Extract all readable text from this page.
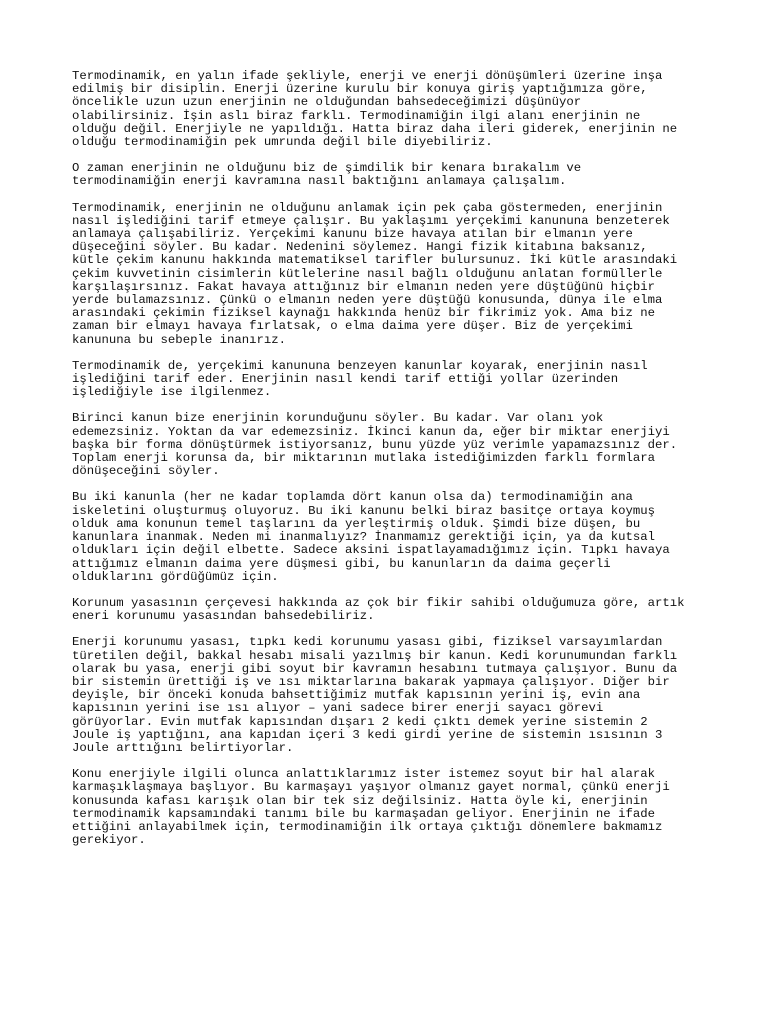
Termodinamik, en yalın ifade şekliyle, enerji ve enerji dönüşümleri üzerine inşa
edilmiş bir disiplin. Enerji üzerine kurulu bir konuya giriş yaptığımıza göre,
öncelikle uzun uzun enerjinin ne olduğundan bahsedeceğimizi düşünüyor
olabilirsiniz. İşin aslı biraz farklı. Termodinamiğin ilgi alanı enerjinin ne
olduğu değil. Enerjiyle ne yapıldığı. Hatta biraz daha ileri giderek, enerjinin ne
olduğu termodinamiğin pek umrunda değil bile diyebiliriz.
O zaman enerjinin ne olduğunu biz de şimdilik bir kenara bırakalım ve
termodinamiğin enerji kavramına nasıl baktığını anlamaya çalışalım.
Termodinamik, enerjinin ne olduğunu anlamak için pek çaba göstermeden, enerjinin
nasıl işlediğini tarif etmeye çalışır. Bu yaklaşımı yerçekimi kanununa benzeterek
anlamaya çalışabiliriz. Yerçekimi kanunu bize havaya atılan bir elmanın yere
düşeceğini söyler. Bu kadar. Nedenini söylemez. Hangi fizik kitabına baksanız,
kütle çekim kanunu hakkında matematiksel tarifler bulursunuz. İki kütle arasındaki
çekim kuvvetinin cisimlerin kütlelerine nasıl bağlı olduğunu anlatan formüllerle
karşılaşırsınız. Fakat havaya attığınız bir elmanın neden yere düştüğünü hiçbir
yerde bulamazsınız. Çünkü o elmanın neden yere düştüğü konusunda, dünya ile elma
arasındaki çekimin fiziksel kaynağı hakkında henüz bir fikrimiz yok. Ama biz ne
zaman bir elmayı havaya fırlatsak, o elma daima yere düşer. Biz de yerçekimi
kanununa bu sebeple inanırız.
Termodinamik de, yerçekimi kanununa benzeyen kanunlar koyarak, enerjinin nasıl
işlediğini tarif eder. Enerjinin nasıl kendi tarif ettiği yollar üzerinden
işlediğiyle ise ilgilenmez.
Birinci kanun bize enerjinin korunduğunu söyler. Bu kadar. Var olanı yok
edemezsiniz. Yoktan da var edemezsiniz. İkinci kanun da, eğer bir miktar enerjiyi
başka bir forma dönüştürmek istiyorsanız, bunu yüzde yüz verimle yapamazsınız der.
Toplam enerji korunsa da, bir miktarının mutlaka istediğimizden farklı formlara
dönüşeceğini söyler.
Bu iki kanunla (her ne kadar toplamda dört kanun olsa da) termodinamiğin ana
iskeletini oluşturmuş oluyoruz. Bu iki kanunu belki biraz basitçe ortaya koymuş
olduk ama konunun temel taşlarını da yerleştirmiş olduk. Şimdi bize düşen, bu
kanunlara inanmak. Neden mi inanmalıyız? İnanmamız gerektiği için, ya da kutsal
oldukları için değil elbette. Sadece aksini ispatlayamadığımız için. Tıpkı havaya
attığımız elmanın daima yere düşmesi gibi, bu kanunların da daima geçerli
olduklarını gördüğümüz için.
Korunum yasasının çerçevesi hakkında az çok bir fikir sahibi olduğumuza göre, artık
eneri korunumu yasasından bahsedebiliriz.
Enerji korunumu yasası, tıpkı kedi korunumu yasası gibi, fiziksel varsayımlardan
türetilen değil, bakkal hesabı misali yazılmış bir kanun. Kedi korunumundan farklı
olarak bu yasa, enerji gibi soyut bir kavramın hesabını tutmaya çalışıyor. Bunu da
bir sistemin ürettiği iş ve ısı miktarlarına bakarak yapmaya çalışıyor. Diğer bir
deyişle, bir önceki konuda bahsettiğimiz mutfak kapısının yerini iş, evin ana
kapısının yerini ise ısı alıyor – yani sadece birer enerji sayacı görevi
görüyorlar. Evin mutfak kapısından dışarı 2 kedi çıktı demek yerine sistemin 2
Joule iş yaptığını, ana kapıdan içeri 3 kedi girdi yerine de sistemin ısısının 3
Joule arttığını belirtiyorlar.
Konu enerjiyle ilgili olunca anlattıklarımız ister istemez soyut bir hal alarak
karmaşıklaşmaya başlıyor. Bu karmaşayı yaşıyor olmanız gayet normal, çünkü enerji
konusunda kafası karışık olan bir tek siz değilsiniz. Hatta öyle ki, enerjinin
termodinamik kapsamındaki tanımı bile bu karmaşadan geliyor. Enerjinin ne ifade
ettiğini anlayabilmek için, termodinamiğin ilk ortaya çıktığı dönemlere bakmamız
gerekiyor.
